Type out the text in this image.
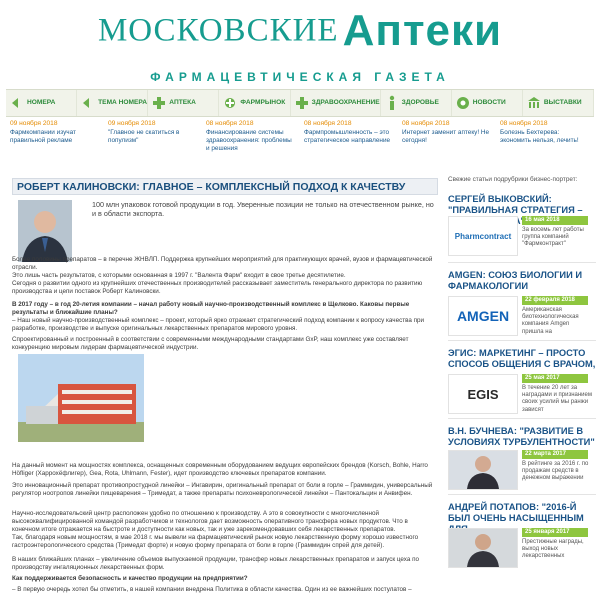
МОСКОВСКИЕ Аптеки
ФАРМАЦЕВТИЧЕСКАЯ ГАЗЕТА
НОМЕРА	ТЕМА НОМЕРА	АПТЕКА	ФАРМРЫНОК	ЗДРАВООХРАНЕНИЕ	ЗДОРОВЬЕ	НОВОСТИ	ВЫСТАВКИ
09 ноября 2018
Фармкомпании изучат правильной рекламе
09 ноября 2018
"Главное не скатиться в популизм"
08 ноября 2018
Финансирование системы здравоохранения: проблемы и решения
08 ноября 2018
Фармпромышленность – это стратегическое направление
08 ноября 2018
Интернет заменит аптеку! Не сегодня!
08 ноября 2018
Болезнь Бехтерева: экономить нельзя, лечить!
РОБЕРТ КАЛИНОВСКИ: ГЛАВНОЕ – КОМПЛЕКСНЫЙ ПОДХОД К КАЧЕСТВУ
100 млн упаковок готовой продукции в год. Уверенные позиции не только на отечественном рынке, но и в области экспорта.
Более половины препаратов – в перечне ЖНВЛП. Поддержка крупнейших мероприятий для практикующих врачей, вузов и фармацевтической отрасли.
Это лишь часть результатов, с которыми основанная в 1997 г. "Валента Фарм" входит в свое третье десятилетие.
Сегодня о развитии одного из крупнейших отечественных производителей рассказывает заместитель генерального директора по развитию производства и цепи поставок Роберт Калиновски.
В 2017 году – в год 20-летия компании – начал работу новый научно-производственный комплекс в Щелково. Каковы первые результаты и ближайшие планы?
– Наш новый научно-производственный комплекс – проект, который ярко отражает стратегический подход компании к вопросу качества при разработке, производстве и выпуске оригинальных лекарственных препаратов мирового уровня.
Спроектированный и построенный в соответствии с современными международными стандартами GxP, наш комплекс уже составляет конкуренцию мировым лидерам фармацевтической индустрии.
На данный момент на мощностях комплекса, оснащенных современным оборудованием ведущих европейских брендов (Korsch, Bohle, Harro Höfliger (Харрохёфлигер), Gea, Rota, Uhlmann, Fester), идет производство ключевых препаратов компании.
Это инновационный препарат противопростудной линейки – Ингавирин, оригинальный препарат от боли в горле – Граммидин, универсальный регулятор ноотропов линейки пищеварения – Тримедат, а также препараты психоневрологической линейки – Пантокальцин и Анвифен.
Научно-исследовательский центр расположен удобно по отношению к производству. А это в совокупности с многочисленной высококвалифицированной командой разработчиков и технологов дает возможность оперативного трансфера новых продуктов. Что в конечном итоге отражается на быстроте и доступности как новых, так и уже зарекомендовавших себя лекарственных препаратов.
Так, благодаря новым мощностям, в мае 2018 г. мы вывели на фармацевтический рынок новую лекарственную форму хорошо известного гастроэнтерологического средства (Тримедат форте) и новую форму препарата от боли в горле (Граммидин спрей для детей).
В наших ближайших планах – увеличение объемов выпускаемой продукции, трансфер новых лекарственных препаратов и запуск цеха по производству ингаляционных лекарственных форм.
Как поддерживается безопасность и качество продукции на предприятии?
– В первую очередь хотел бы отметить, в нашей компании внедрена Политика в области качества. Один из ее важнейших постулатов –
Свежие статьи подрубрики бизнес-портрет:
СЕРГЕЙ ВЫКОВСКИЙ: "ПРАВИЛЬНАЯ СТРАТЕГИЯ –
Pharmcontract
16 мая 2018
За восемь лет работы группа компаний "Фармконтракт"
AMGEN: СОЮЗ БИОЛОГИИ И ФАРМАКОЛОГИИ
AMGEN
22 февраля 2018
Американская биотехнологическая компания Amgen пришла на
ЭГИС: МАРКЕТИНГ – ПРОСТО СПОСОБ ОБЩЕНИЯ С ВРАЧОМ,
EGIS
25 мая 2017
В течение 20 лет за наградами и признанием своих усилий мы ранжи зависят
В.Н. БУЧНЕВА: "РАЗВИТИЕ В УСЛОВИЯХ ТУРБУЛЕНТНОСТИ"
22 марта 2017
В рейтинге за 2016 г. по продажам средств в денежном выражении
АНДРЕЙ ПОТАПОВ: "2016-Й БЫЛ ОЧЕНЬ НАСЫЩЕННЫМ
25 января 2017
Престижные награды, выход новых лекарственных
